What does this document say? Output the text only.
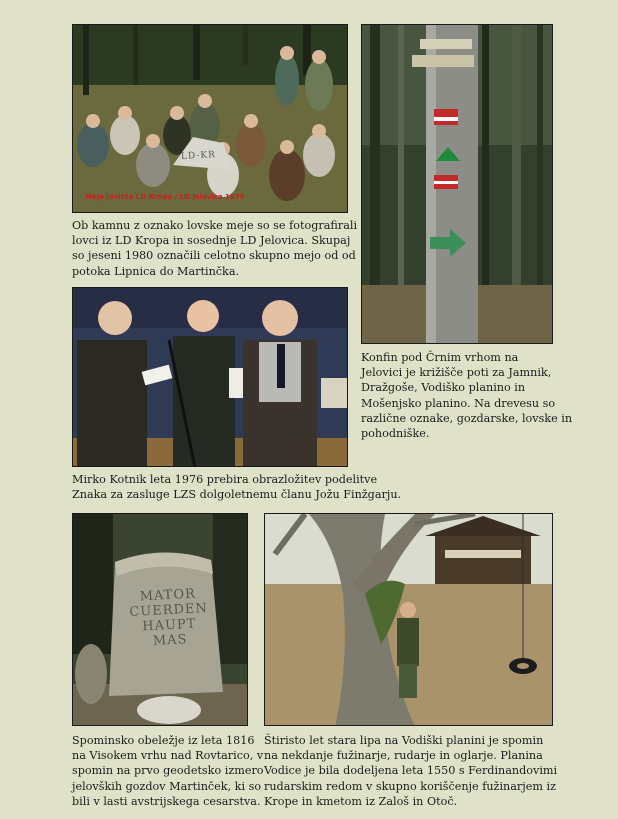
LD-KR
Meja lovišča LD Kropa / LD Jelovica 1979

Ob kamnu z oznako lovske meje so se fotografirali
lovci iz LD Kropa in sosednje LD Jelovica. Skupaj
so jeseni 1980 označili celotno skupno mejo od od
potoka Lipnica do Martinčka.

Konfin pod Črnim vrhom na
Jelovici je križišče poti za Jamnik,
Dražgoše, Vodiško planino in
Mošenjsko planino. Na drevesu so
različne oznake, gozdarske, lovske in
pohodniške.

Mirko Kotnik leta 1976 prebira obrazložitev podelitve
Znaka za zasluge LZS dolgoletnemu članu Jožu Finžgarju.

MATOR
CUERDEN
HAUPT MAS

Spominsko obeležje iz leta 1816
na Visokem vrhu nad Rovtarico, v
spomin na prvo geodetsko izmero
jelovških gozdov Martinček, ki so
bili v lasti avstrijskega cesarstva.

Štiristo let stara lipa na Vodiški planini je spomin
na nekdanje fužinarje, rudarje in oglarje. Planina
Vodice je bila dodeljena leta 1550 s Ferdinandovimi
rudarskim redom v skupno koriščenje fužinarjem iz
Krope in kmetom iz Zaloš in Otoč.
